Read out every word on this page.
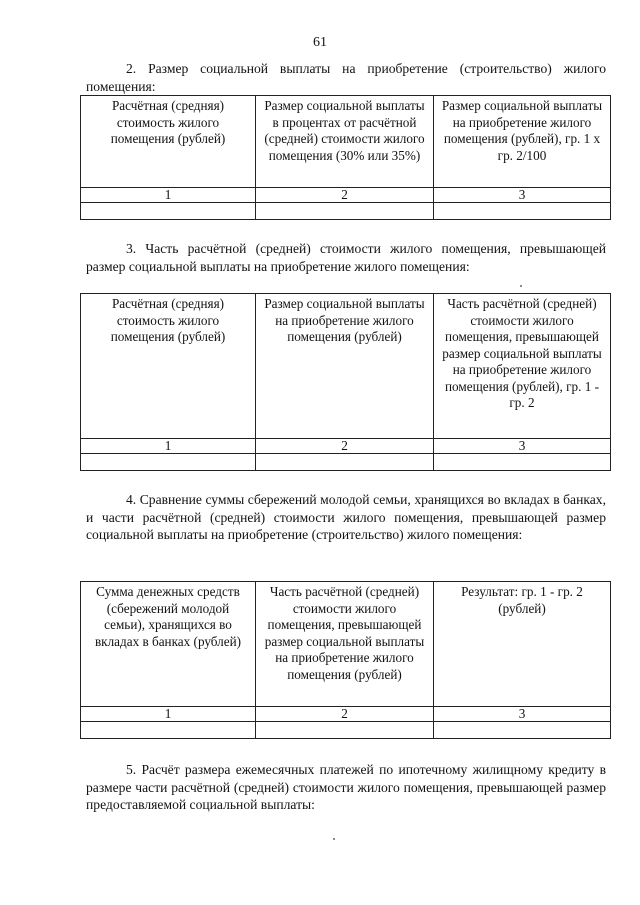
61
2. Размер социальной выплаты на приобретение (строительство) жилого помещения:
Расчётная (средняя) стоимость жилого помещения (рублей)	Размер социальной выплаты в процентах от расчётной (средней) стоимости жилого помещения (30% или 35%)	Размер социальной выплаты на приобретение жилого помещения (рублей), гр. 1 х гр. 2/100
1	2	3

3. Часть расчётной (средней) стоимости жилого помещения, превышающей размер социальной выплаты на приобретение жилого помещения:
Расчётная (средняя) стоимость жилого помещения (рублей)	Размер социальной выплаты на приобретение жилого помещения (рублей)	Часть расчётной (средней) стоимости жилого помещения, превышающей размер социальной выплаты на приобретение жилого помещения (рублей), гр. 1 - гр. 2
1	2	3

4. Сравнение суммы сбережений молодой семьи, хранящихся во вкладах в банках, и части расчётной (средней) стоимости жилого помещения, превышающей размер социальной выплаты на приобретение (строительство) жилого помещения:
Сумма денежных средств (сбережений молодой семьи), хранящихся во вкладах в банках (рублей)	Часть расчётной (средней) стоимости жилого помещения, превышающей размер социальной выплаты на приобретение жилого помещения (рублей)	Результат: гр. 1 - гр. 2 (рублей)
1	2	3

5. Расчёт размера ежемесячных платежей по ипотечному жилищному кредиту в размере части расчётной (средней) стоимости жилого помещения, превышающей размер предоставляемой социальной выплаты:
